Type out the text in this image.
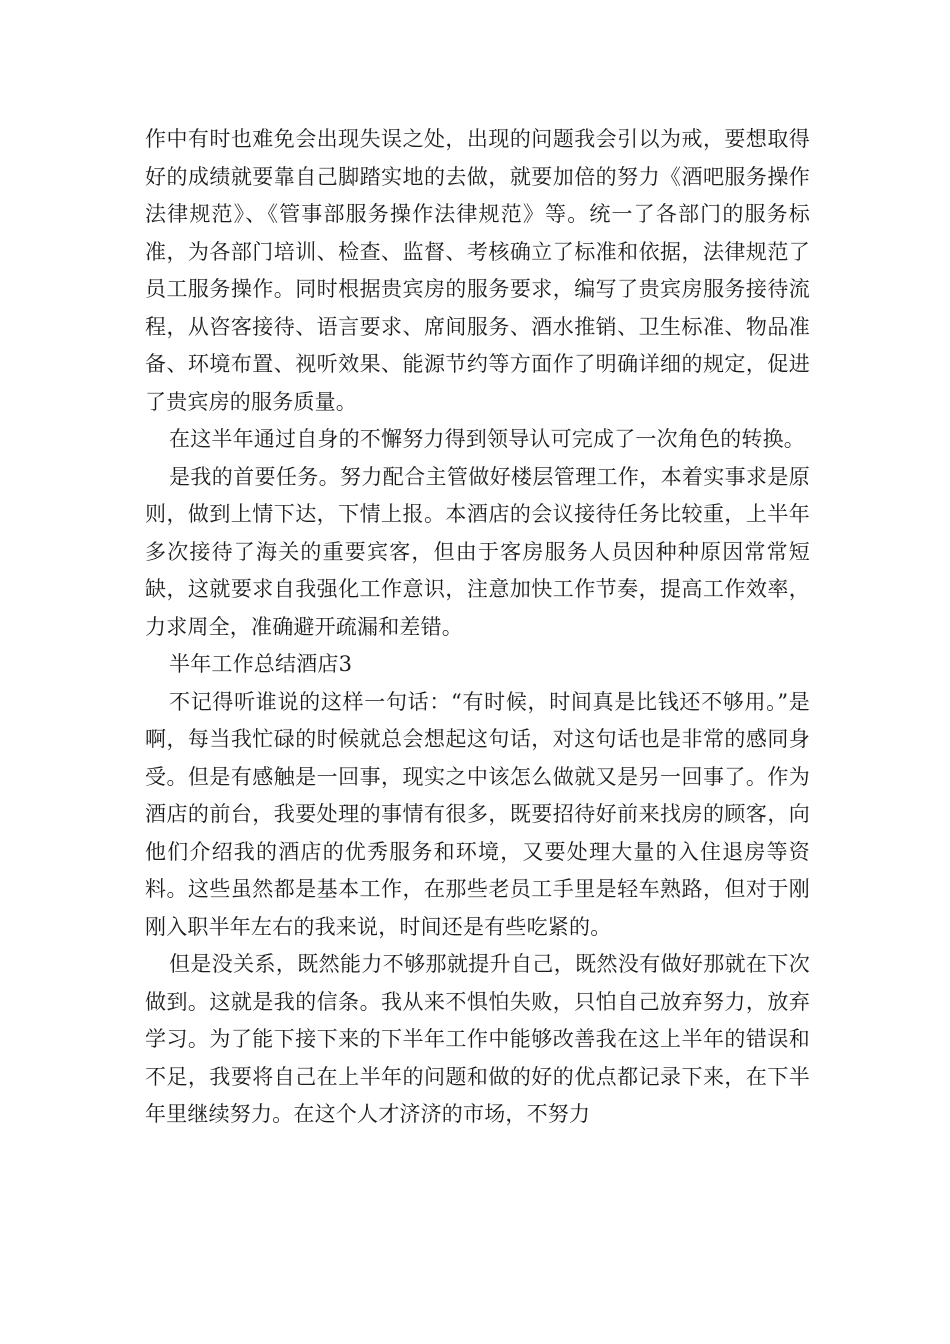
作中有时也难免会出现失误之处，出现的问题我会引以为戒，要想取得好的成绩就要靠自己脚踏实地的去做，就要加倍的努力《酒吧服务操作法律规范》、《管事部服务操作法律规范》等。统一了各部门的服务标准，为各部门培训、检查、监督、考核确立了标准和依据，法律规范了员工服务操作。同时根据贵宾房的服务要求，编写了贵宾房服务接待流程，从咨客接待、语言要求、席间服务、酒水推销、卫生标准、物品准备、环境布置、视听效果、能源节约等方面作了明确详细的规定，促进了贵宾房的服务质量。

在这半年通过自身的不懈努力得到领导认可完成了一次角色的转换。

是我的首要任务。努力配合主管做好楼层管理工作，本着实事求是原则，做到上情下达，下情上报。本酒店的会议接待任务比较重，上半年多次接待了海关的重要宾客，但由于客房服务人员因种种原因常常短缺，这就要求自我强化工作意识，注意加快工作节奏，提高工作效率，力求周全，准确避开疏漏和差错。

半年工作总结酒店3

不记得听谁说的这样一句话：“有时候，时间真是比钱还不够用。”是啊，每当我忙碌的时候就总会想起这句话，对这句话也是非常的感同身受。但是有感触是一回事，现实之中该怎么做就又是另一回事了。作为酒店的前台，我要处理的事情有很多，既要招待好前来找房的顾客，向他们介绍我的酒店的优秀服务和环境，又要处理大量的入住退房等资料。这些虽然都是基本工作，在那些老员工手里是轻车熟路，但对于刚刚入职半年左右的我来说，时间还是有些吃紧的。

但是没关系，既然能力不够那就提升自己，既然没有做好那就在下次做到。这就是我的信条。我从来不惧怕失败，只怕自己放弃努力，放弃学习。为了能下接下来的下半年工作中能够改善我在这上半年的错误和不足，我要将自己在上半年的问题和做的好的优点都记录下来，在下半年里继续努力。在这个人才济济的市场，不努力
